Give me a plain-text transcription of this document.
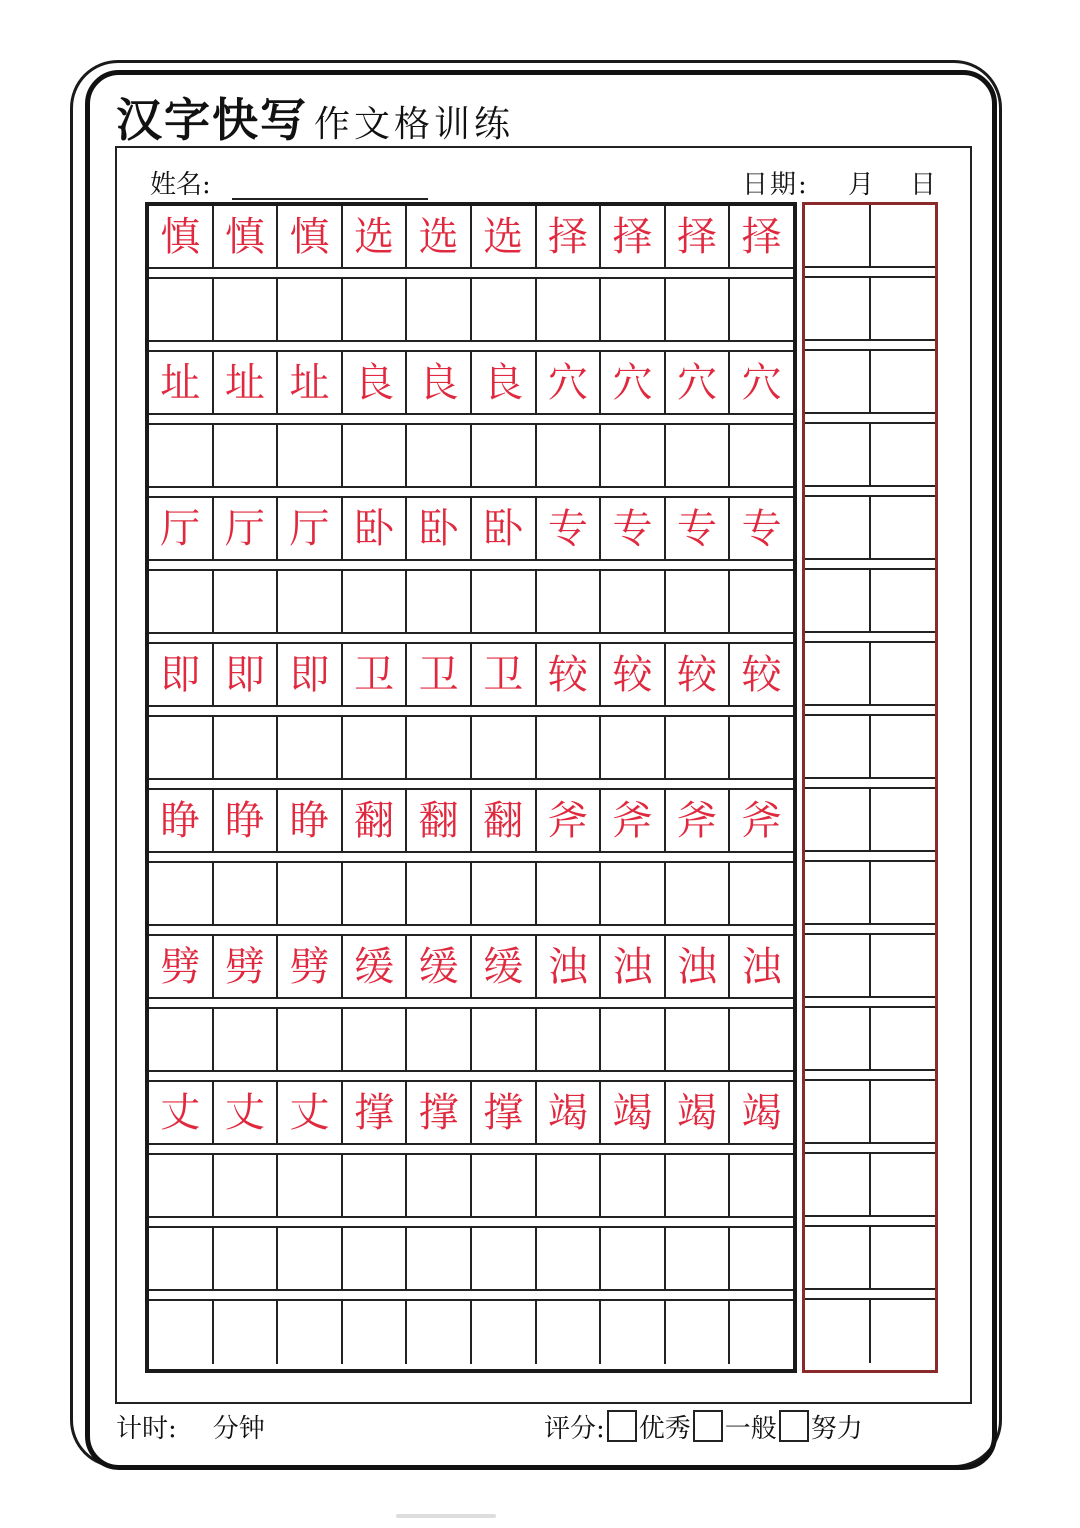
汉字快写 作文格训练
姓名:	日期: 月 日
慎 慎 慎 选 选 选 择 择 择 择
址 址 址 良 良 良 穴 穴 穴 穴
厅 厅 厅 卧 卧 卧 专 专 专 专
即 即 即 卫 卫 卫 较 较 较 较
睁 睁 睁 翻 翻 翻 斧 斧 斧 斧
劈 劈 劈 缓 缓 缓 浊 浊 浊 浊
丈 丈 丈 撑 撑 撑 竭 竭 竭 竭
计时: 分钟	评分: 优秀 一般 努力
